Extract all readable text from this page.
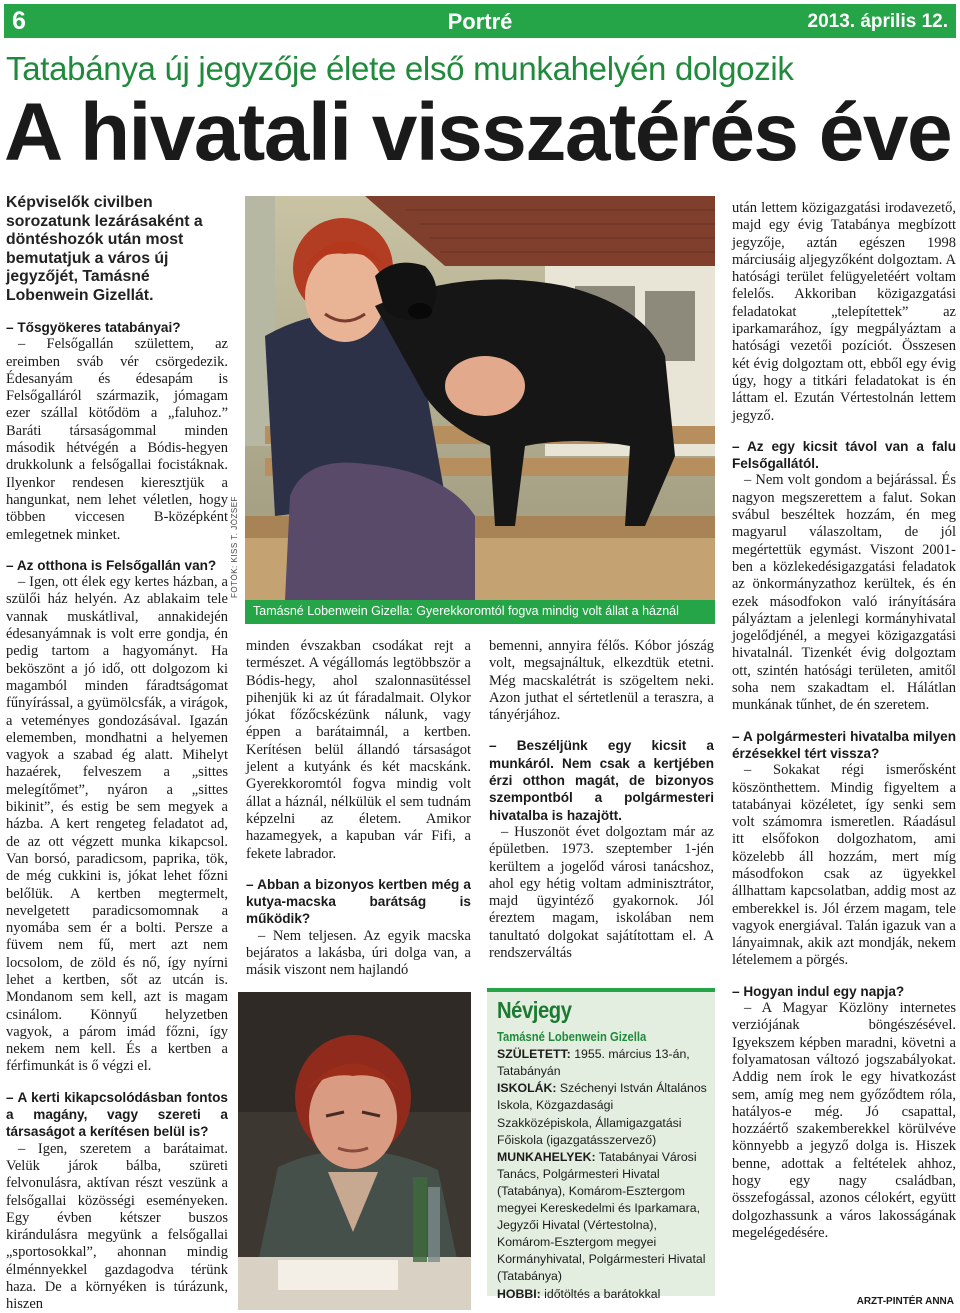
6	Portré	2013. április 12.
Tatabánya új jegyzője élete első munkahelyén dolgozik
A hivatali visszatérés éve

Képviselők civilben sorozatunk lezárásaként a döntéshozók után most bemutatjuk a város új jegyzőjét, Tamásné Lobenwein Gizellát.

– Tősgyökeres tatabányai?

– Felsőgallán születtem, az ereimben sváb vér csörgedezik. Édesanyám és édesapám is Felsőgalláról származik, jómagam ezer szállal kötődöm a „faluhoz.” Baráti társaságommal minden második hétvégén a Bódis-hegyen drukkolunk a felsőgallai focistáknak. Ilyenkor rendesen kieresztjük a hangunkat, nem lehet véletlen, hogy többen viccesen B-középként emlegetnek minket.

– Az otthona is Felsőgallán van?

– Igen, ott élek egy kertes házban, a szülői ház helyén. Az ablakaim tele vannak muskátlival, annakidején édesanyámnak is volt erre gondja, én pedig tartom a hagyományt. Ha beköszönt a jó idő, ott dolgozom ki magamból minden fáradtságomat fűnyírással, a gyümölcsfák, a virágok, a veteményes gondozásával. Igazán elememben, mondhatni a helyemen vagyok a szabad ég alatt. Mihelyt hazaérek, felveszem a „sittes melegítőmet”, nyáron a „sittes bikinit”, és estig be sem megyek a házba. A kert rengeteg feladatot ad, de az ott végzett munka kikapcsol. Van borsó, paradicsom, paprika, tök, de még cukkini is, jókat lehet főzni belőlük. A kertben megtermelt, nevelgetett paradicsomomnak a nyomába sem ér a bolti. Persze a füvem nem fű, mert azt nem locsolom, de zöld és nő, így nyírni lehet a kertben, sőt az utcán is. Mondanom sem kell, azt is magam csinálom. Könnyű helyzetben vagyok, a párom imád főzni, így nekem nem kell. És a kertben a férfimunkát is ő végzi el.

– A kerti kikapcsolódásban fontos a magány, vagy szereti a társaságot a kerítésen belül is?

– Igen, szeretem a barátaimat. Velük járok bálba, szüreti felvonulásra, aktívan részt veszünk a felsőgallai közösségi eseményeken. Egy évben kétszer buszos kirándulásra megyünk a felsőgallai „sportosokkal”, ahonnan mindig élménnyekkel gazdagodva térünk haza. De a környéken is túrázunk, hiszen

FOTÓK: KISS T. JÓZSEF
Tamásné Lobenwein Gizella: Gyerekkoromtól fogva mindig volt állat a háznál

minden évszakban csodákat rejt a természet. A végállomás legtöbbször a Bódis-hegy, ahol szalonnasütéssel pihenjük ki az út fáradalmait. Olykor jókat főzőcskézünk nálunk, vagy éppen a barátaimnál, a kertben. Kerítésen belül állandó társaságot jelent a kutyánk és két macskánk. Gyerekkoromtól fogva mindig volt állat a háznál, nélkülük el sem tudnám képzelni az életem. Amikor hazamegyek, a kapuban vár Fifi, a fekete labrador.

– Abban a bizonyos kertben még a kutya-macska barátság is működik?

– Nem teljesen. Az egyik macska bejáratos a lakásba, úri dolga van, a másik viszont nem hajlandó

bemenni, annyira félős. Kóbor jószág volt, megsajnáltuk, elkezdtük etetni. Még macskalétrát is szögeltem neki. Azon juthat el sértetlenül a teraszra, a tányérjához.

– Beszéljünk egy kicsit a munkáról. Nem csak a kertjében érzi otthon magát, de bizonyos szempontból a polgármesteri hivatalba is hazajött.

– Huszonöt évet dolgoztam már az épületben. 1973. szeptember 1-jén kerültem a jogelőd városi tanácshoz, ahol egy hétig voltam adminisztrátor, majd ügyintéző gyakornok. Jól éreztem magam, iskolában nem tanultató dolgokat sajátítottam el. A rendszerváltás

Névjegy
Tamásné Lobenwein Gizella
SZÜLETETT: 1955. március 13-án, Tatabányán
ISKOLÁK: Széchenyi István Általános Iskola, Közgazdasági Szakközépiskola, Államigazgatási Főiskola (igazgatásszervező)
MUNKAHELYEK: Tatabányai Városi Tanács, Polgármesteri Hivatal (Tatabánya), Komárom-Esztergom megyei Kereskedelmi és Iparkamara, Jegyzői Hivatal (Vértestolna), Komárom-Esztergom megyei Kormányhivatal, Polgármesteri Hivatal (Tatabánya)
HOBBI: időtöltés a barátokkal

után lettem közigazgatási irodavezető, majd egy évig Tatabánya megbízott jegyzője, aztán egészen 1998 márciusáig aljegyzőként dolgoztam. A hatósági terület felügyeletéért voltam felelős. Akkoriban közigazgatási feladatokat „telepítettek” az iparkamarához, így megpályáztam a hatósági vezetői pozíciót. Összesen két évig dolgoztam ott, ebből egy évig úgy, hogy a titkári feladatokat is én láttam el. Ezután Vértestolnán lettem jegyző.

– Az egy kicsit távol van a falu Felsőgallától.

– Nem volt gondom a bejárással. És nagyon megszerettem a falut. Sokan svábul beszéltek hozzám, én meg magyarul válaszoltam, de jól megértettük egymást. Viszont 2001-ben a közlekedésigazgatási feladatok az önkormányzathoz kerültek, és én ezek másodfokon való irányítására pályáztam a jelenlegi kormányhivatal jogelődjénél, a megyei közigazgatási hivatalnál. Tizenkét évig dolgoztam ott, szintén hatósági területen, amitől soha nem szakadtam el. Hálátlan munkának tűnhet, de én szeretem.

– A polgármesteri hivatalba milyen érzésekkel tért vissza?

– Sokakat régi ismerősként köszönthettem. Mindig figyeltem a tatabányai közéletet, így senki sem volt számomra ismeretlen. Ráadásul itt elsőfokon dolgozhatom, ami közelebb áll hozzám, mert míg másodfokon csak az ügyekkel állhattam kapcsolatban, addig most az emberekkel is. Jól érzem magam, tele vagyok energiával. Talán igazuk van a lányaimnak, akik azt mondják, nekem lételemem a pörgés.

– Hogyan indul egy napja?

– A Magyar Közlöny internetes verziójának böngészésével. Igyekszem képben maradni, követni a folyamatosan változó jogszabályokat. Addig nem írok le egy hivatkozást sem, amíg meg nem győződtem róla, hatályos-e még. Jó csapattal, hozzáértő szakemberekkel körülvéve könnyebb a jegyző dolga is. Hiszek benne, adottak a feltételek ahhoz, hogy egy nagy családban, összefogással, azonos célokért, együtt dolgozhassunk a város lakosságának megelégedésére.

ARZT-PINTÉR ANNA
